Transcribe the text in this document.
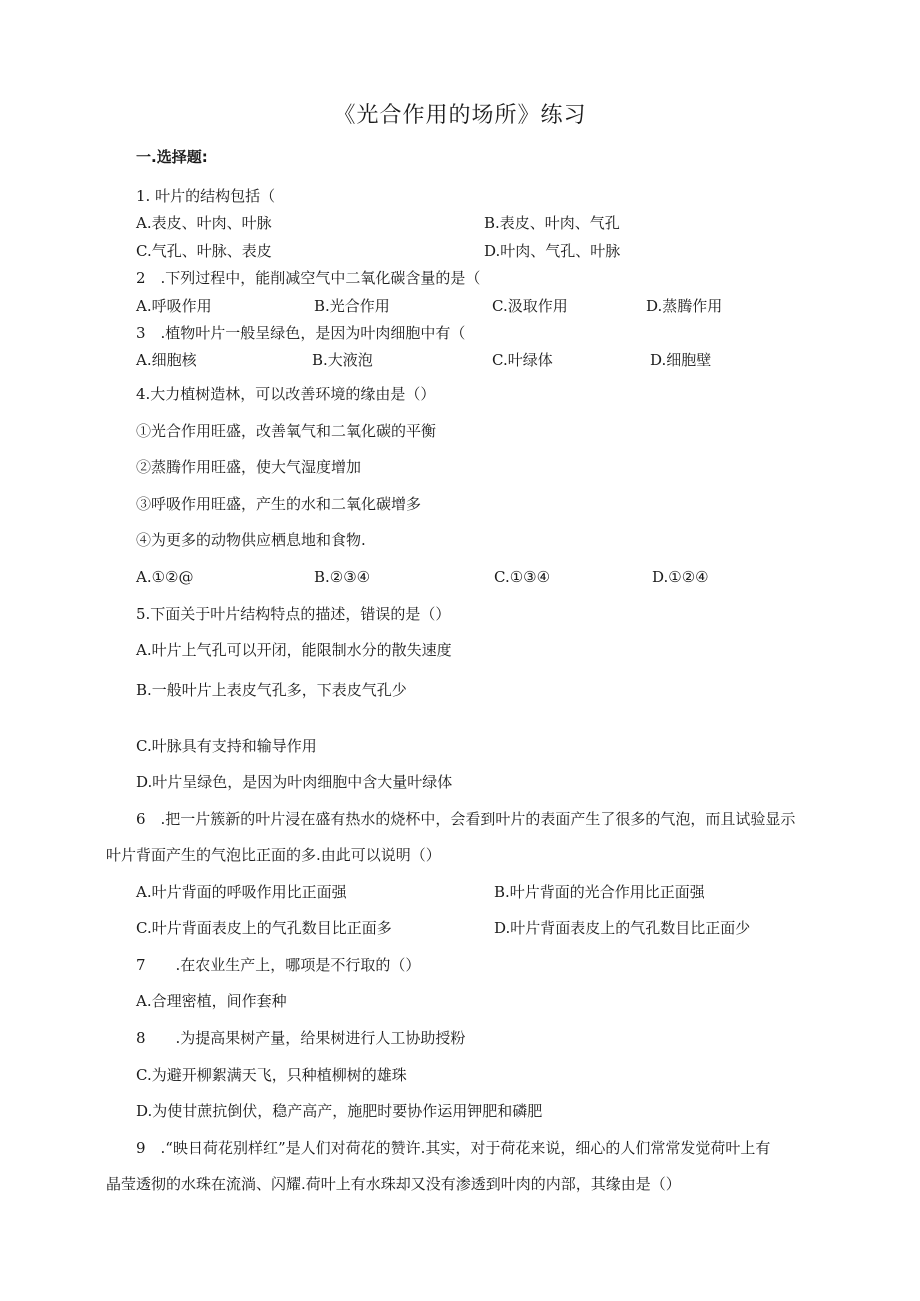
《光合作用的场所》练习
一.选择题:
1. 叶片的结构包括（
A.表皮、叶肉、叶脉	B.表皮、叶肉、气孔
C.气孔、叶脉、表皮	D.叶肉、气孔、叶脉
2　.下列过程中，能削减空气中二氧化碳含量的是（
A.呼吸作用	B.光合作用	C.汲取作用	D.蒸腾作用
3　.植物叶片一般呈绿色，是因为叶肉细胞中有（
A.细胞核	B.大液泡	C.叶绿体	D.细胞壁
4.大力植树造林，可以改善环境的缘由是（）
①光合作用旺盛，改善氧气和二氧化碳的平衡
②蒸腾作用旺盛，使大气湿度增加
③呼吸作用旺盛，产生的水和二氧化碳增多
④为更多的动物供应栖息地和食物.
A.①②@	B.②③④	C.①③④	D.①②④
5.下面关于叶片结构特点的描述，错误的是（）
A.叶片上气孔可以开闭，能限制水分的散失速度
B.一般叶片上表皮气孔多，下表皮气孔少
C.叶脉具有支持和输导作用
D.叶片呈绿色，是因为叶肉细胞中含大量叶绿体
6　.把一片簇新的叶片浸在盛有热水的烧杯中，会看到叶片的表面产生了很多的气泡，而且试验显示
叶片背面产生的气泡比正面的多.由此可以说明（）
A.叶片背面的呼吸作用比正面强	B.叶片背面的光合作用比正面强
C.叶片背面表皮上的气孔数目比正面多	D.叶片背面表皮上的气孔数目比正面少
7　　.在农业生产上，哪项是不行取的（）
A.合理密植，间作套种
8　　.为提高果树产量，给果树进行人工协助授粉
C.为避开柳絮满天飞，只种植柳树的雄珠
D.为使甘蔗抗倒伏，稳产高产，施肥时要协作运用钾肥和磷肥
9　.“映日荷花别样红”是人们对荷花的赞许.其实，对于荷花来说，细心的人们常常发觉荷叶上有
晶莹透彻的水珠在流淌、闪耀.荷叶上有水珠却又没有渗透到叶肉的内部，其缘由是（）
